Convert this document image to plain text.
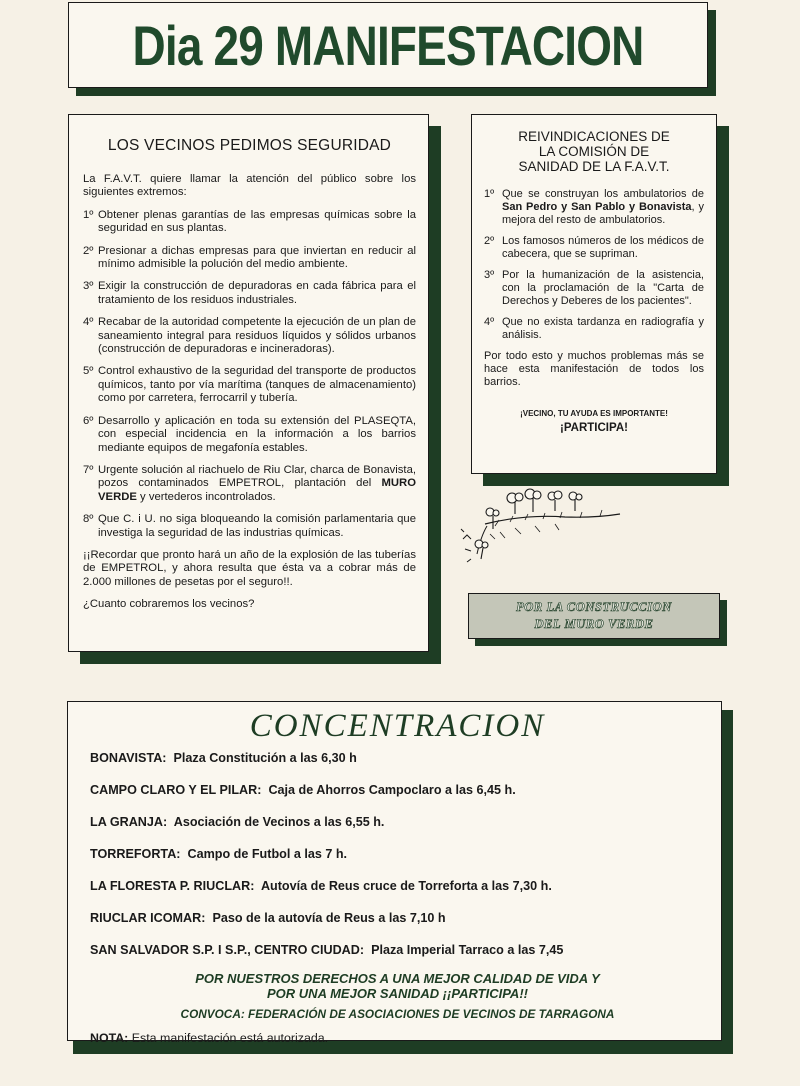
Dia 29 MANIFESTACION
LOS VECINOS PEDIMOS SEGURIDAD

La F.A.V.T. quiere llamar la atención del público sobre los siguientes extremos:

1º Obtener plenas garantías de las empresas químicas sobre la seguridad en sus plantas.
2º Presionar a dichas empresas para que inviertan en reducir al mínimo admisible la polución del medio ambiente.
3º Exigir la construcción de depuradoras en cada fábrica para el tratamiento de los residuos industriales.
4º Recabar de la autoridad competente la ejecución de un plan de saneamiento integral para residuos líquidos y sólidos urbanos (construcción de depuradoras e incineradoras).
5º Control exhaustivo de la seguridad del transporte de productos químicos, tanto por vía marítima (tanques de almacenamiento) como por carretera, ferrocarril y tubería.
6º Desarrollo y aplicación en toda su extensión del PLASEQTA, con especial incidencia en la información a los barrios mediante equipos de megafonía estables.
7º Urgente solución al riachuelo de Riu Clar, charca de Bonavista, pozos contaminados EMPETROL, plantación del MURO VERDE y vertederos incontrolados.
8º Que C. i U. no siga bloqueando la comisión parlamentaria que investiga la seguridad de las industrias químicas.

¡¡Recordar que pronto hará un año de la explosión de las tuberías de EMPETROL, y ahora resulta que ésta va a cobrar más de 2.000 millones de pesetas por el seguro!!.

¿Cuanto cobraremos los vecinos?

REIVINDICACIONES DE
LA COMISIÓN DE
SANIDAD DE LA F.A.V.T.
1º Que se construyan los ambulatorios de San Pedro y San Pablo y Bonavista, y mejora del resto de ambulatorios.
2º Los famosos números de los médicos de cabecera, que se supriman.
3º Por la humanización de la asistencia, con la proclamación de la "Carta de Derechos y Deberes de los pacientes".
4º Que no exista tardanza en radiografía y análisis.

Por todo esto y muchos problemas más se hace esta manifestación de todos los barrios.

¡VECINO, TU AYUDA ES IMPORTANTE!
¡PARTICIPA!
POR LA CONSTRUCCION
DEL MURO VERDE
CONCENTRACION
BONAVISTA: Plaza Constitución a las 6,30 h
CAMPO CLARO Y EL PILAR: Caja de Ahorros Campoclaro a las 6,45 h.
LA GRANJA: Asociación de Vecinos a las 6,55 h.
TORREFORTA: Campo de Futbol a las 7 h.
LA FLORESTA P. RIUCLAR: Autovía de Reus cruce de Torreforta a las 7,30 h.
RIUCLAR ICOMAR: Paso de la autovía de Reus a las 7,10 h
SAN SALVADOR S.P. I S.P., CENTRO CIUDAD: Plaza Imperial Tarraco a las 7,45
POR NUESTROS DERECHOS A UNA MEJOR CALIDAD DE VIDA Y
POR UNA MEJOR SANIDAD ¡¡PARTICIPA!!
CONVOCA: FEDERACIÓN DE ASOCIACIONES DE VECINOS DE TARRAGONA
NOTA: Esta manifestación está autorizada.
